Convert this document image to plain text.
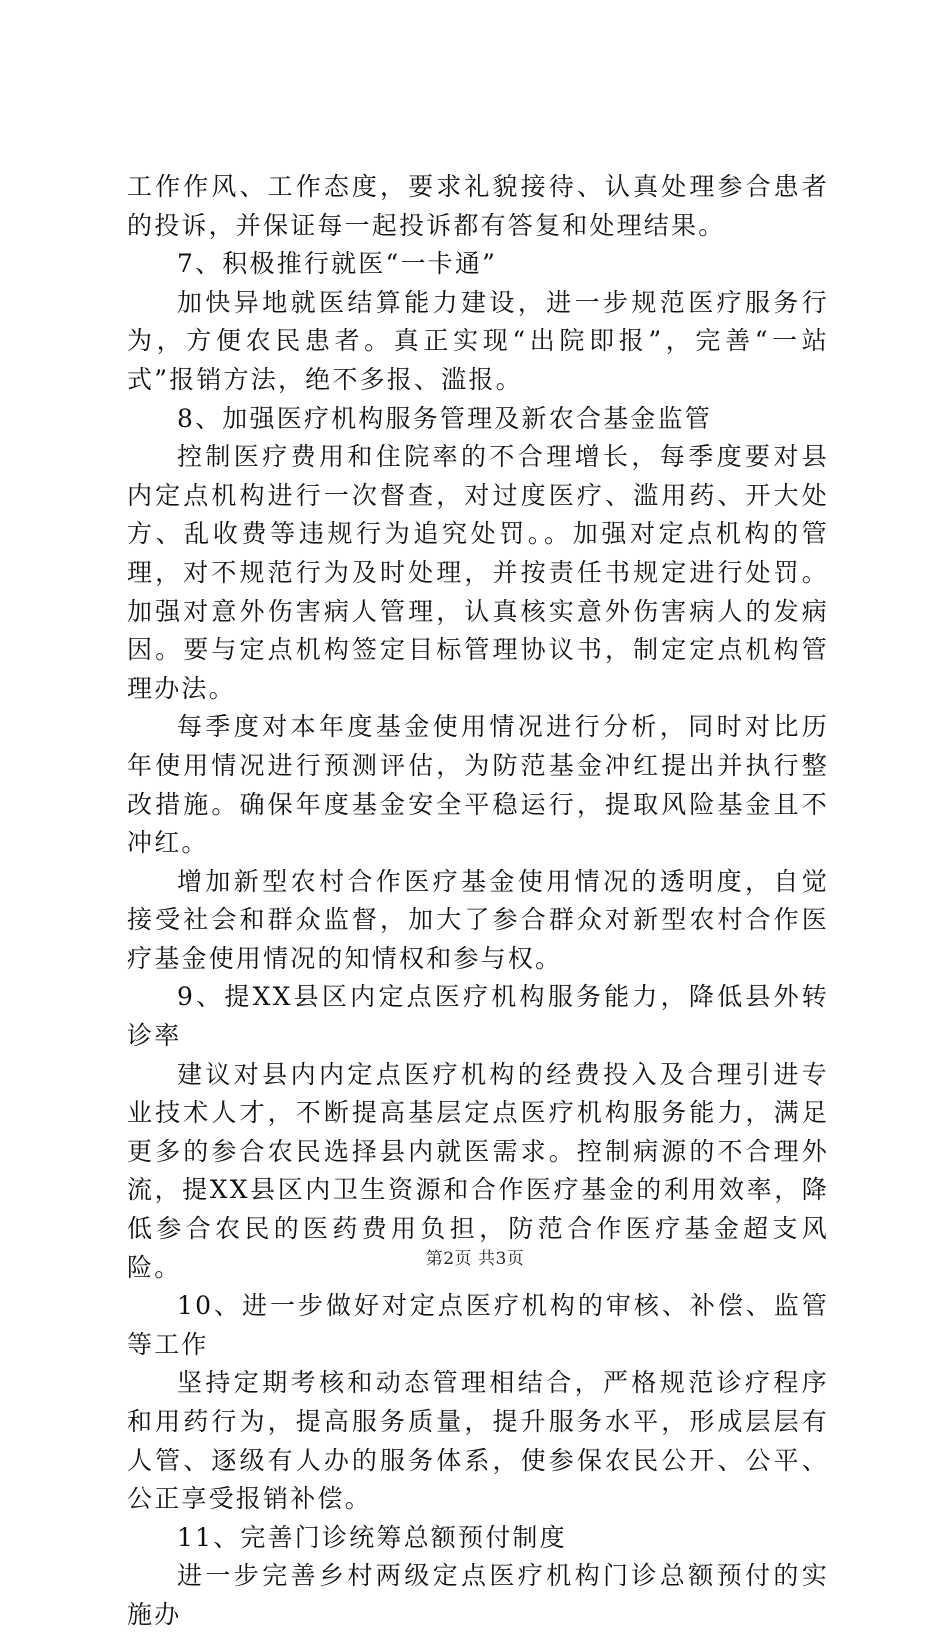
工作作风、工作态度，要求礼貌接待、认真处理参合患者的投诉，并保证每一起投诉都有答复和处理结果。

7、积极推行就医“一卡通”

加快异地就医结算能力建设，进一步规范医疗服务行为，方便农民患者。真正实现“出院即报”，完善“一站式”报销方法，绝不多报、滥报。

8、加强医疗机构服务管理及新农合基金监管

控制医疗费用和住院率的不合理增长，每季度要对县内定点机构进行一次督查，对过度医疗、滥用药、开大处方、乱收费等违规行为追究处罚。。加强对定点机构的管理，对不规范行为及时处理，并按责任书规定进行处罚。加强对意外伤害病人管理，认真核实意外伤害病人的发病因。要与定点机构签定目标管理协议书，制定定点机构管理办法。

每季度对本年度基金使用情况进行分析，同时对比历年使用情况进行预测评估，为防范基金冲红提出并执行整改措施。确保年度基金安全平稳运行，提取风险基金且不冲红。

增加新型农村合作医疗基金使用情况的透明度，自觉接受社会和群众监督，加大了参合群众对新型农村合作医疗基金使用情况的知情权和参与权。

9、提XX县区内定点医疗机构服务能力，降低县外转诊率

建议对县内内定点医疗机构的经费投入及合理引进专业技术人才，不断提高基层定点医疗机构服务能力，满足更多的参合农民选择县内就医需求。控制病源的不合理外流，提XX县区内卫生资源和合作医疗基金的利用效率，降低参合农民的医药费用负担，防范合作医疗基金超支风险。

10、进一步做好对定点医疗机构的审核、补偿、监管等工作

坚持定期考核和动态管理相结合，严格规范诊疗程序和用药行为，提高服务质量，提升服务水平，形成层层有人管、逐级有人办的服务体系，使参保农民公开、公平、公正享受报销补偿。

11、完善门诊统筹总额预付制度

进一步完善乡村两级定点医疗机构门诊总额预付的实施办

第2页 共3页
